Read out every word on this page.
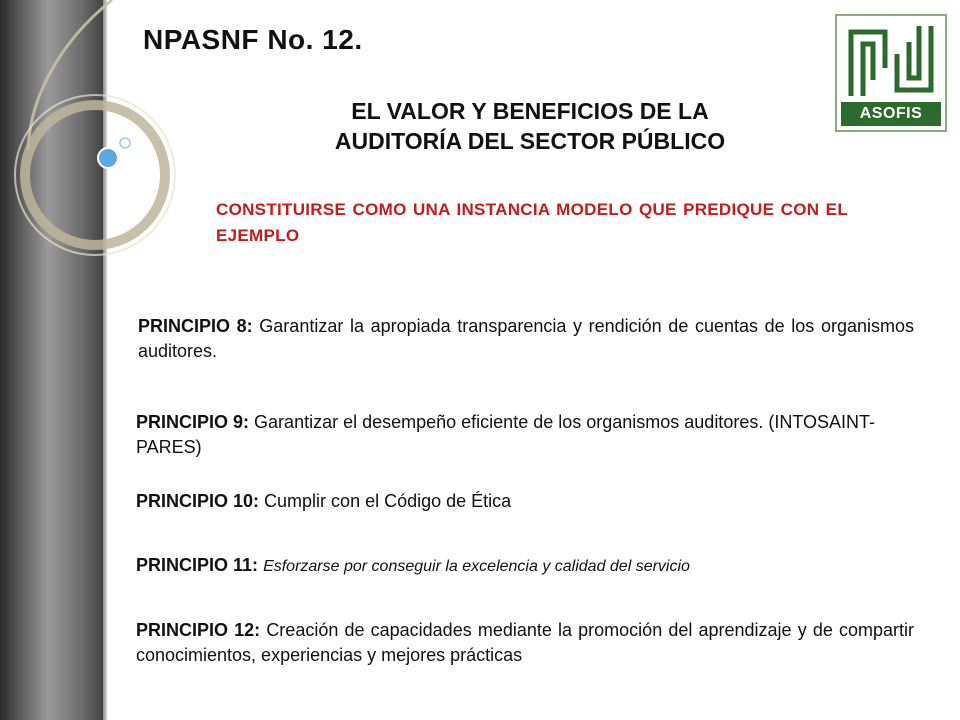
NPASNF No. 12.
ASOFIS
EL VALOR Y BENEFICIOS DE LA
AUDITORÍA DEL SECTOR PÚBLICO

CONSTITUIRSE COMO UNA INSTANCIA MODELO QUE PREDIQUE CON EL EJEMPLO

PRINCIPIO 8: Garantizar la apropiada transparencia y rendición de cuentas de los organismos auditores.

PRINCIPIO 9: Garantizar el desempeño eficiente de los organismos auditores. (INTOSAINT-PARES)

PRINCIPIO 10: Cumplir con el Código de Ética

PRINCIPIO 11: Esforzarse por conseguir la excelencia y calidad del servicio

PRINCIPIO 12: Creación de capacidades mediante la promoción del aprendizaje y de compartir conocimientos, experiencias y mejores prácticas
